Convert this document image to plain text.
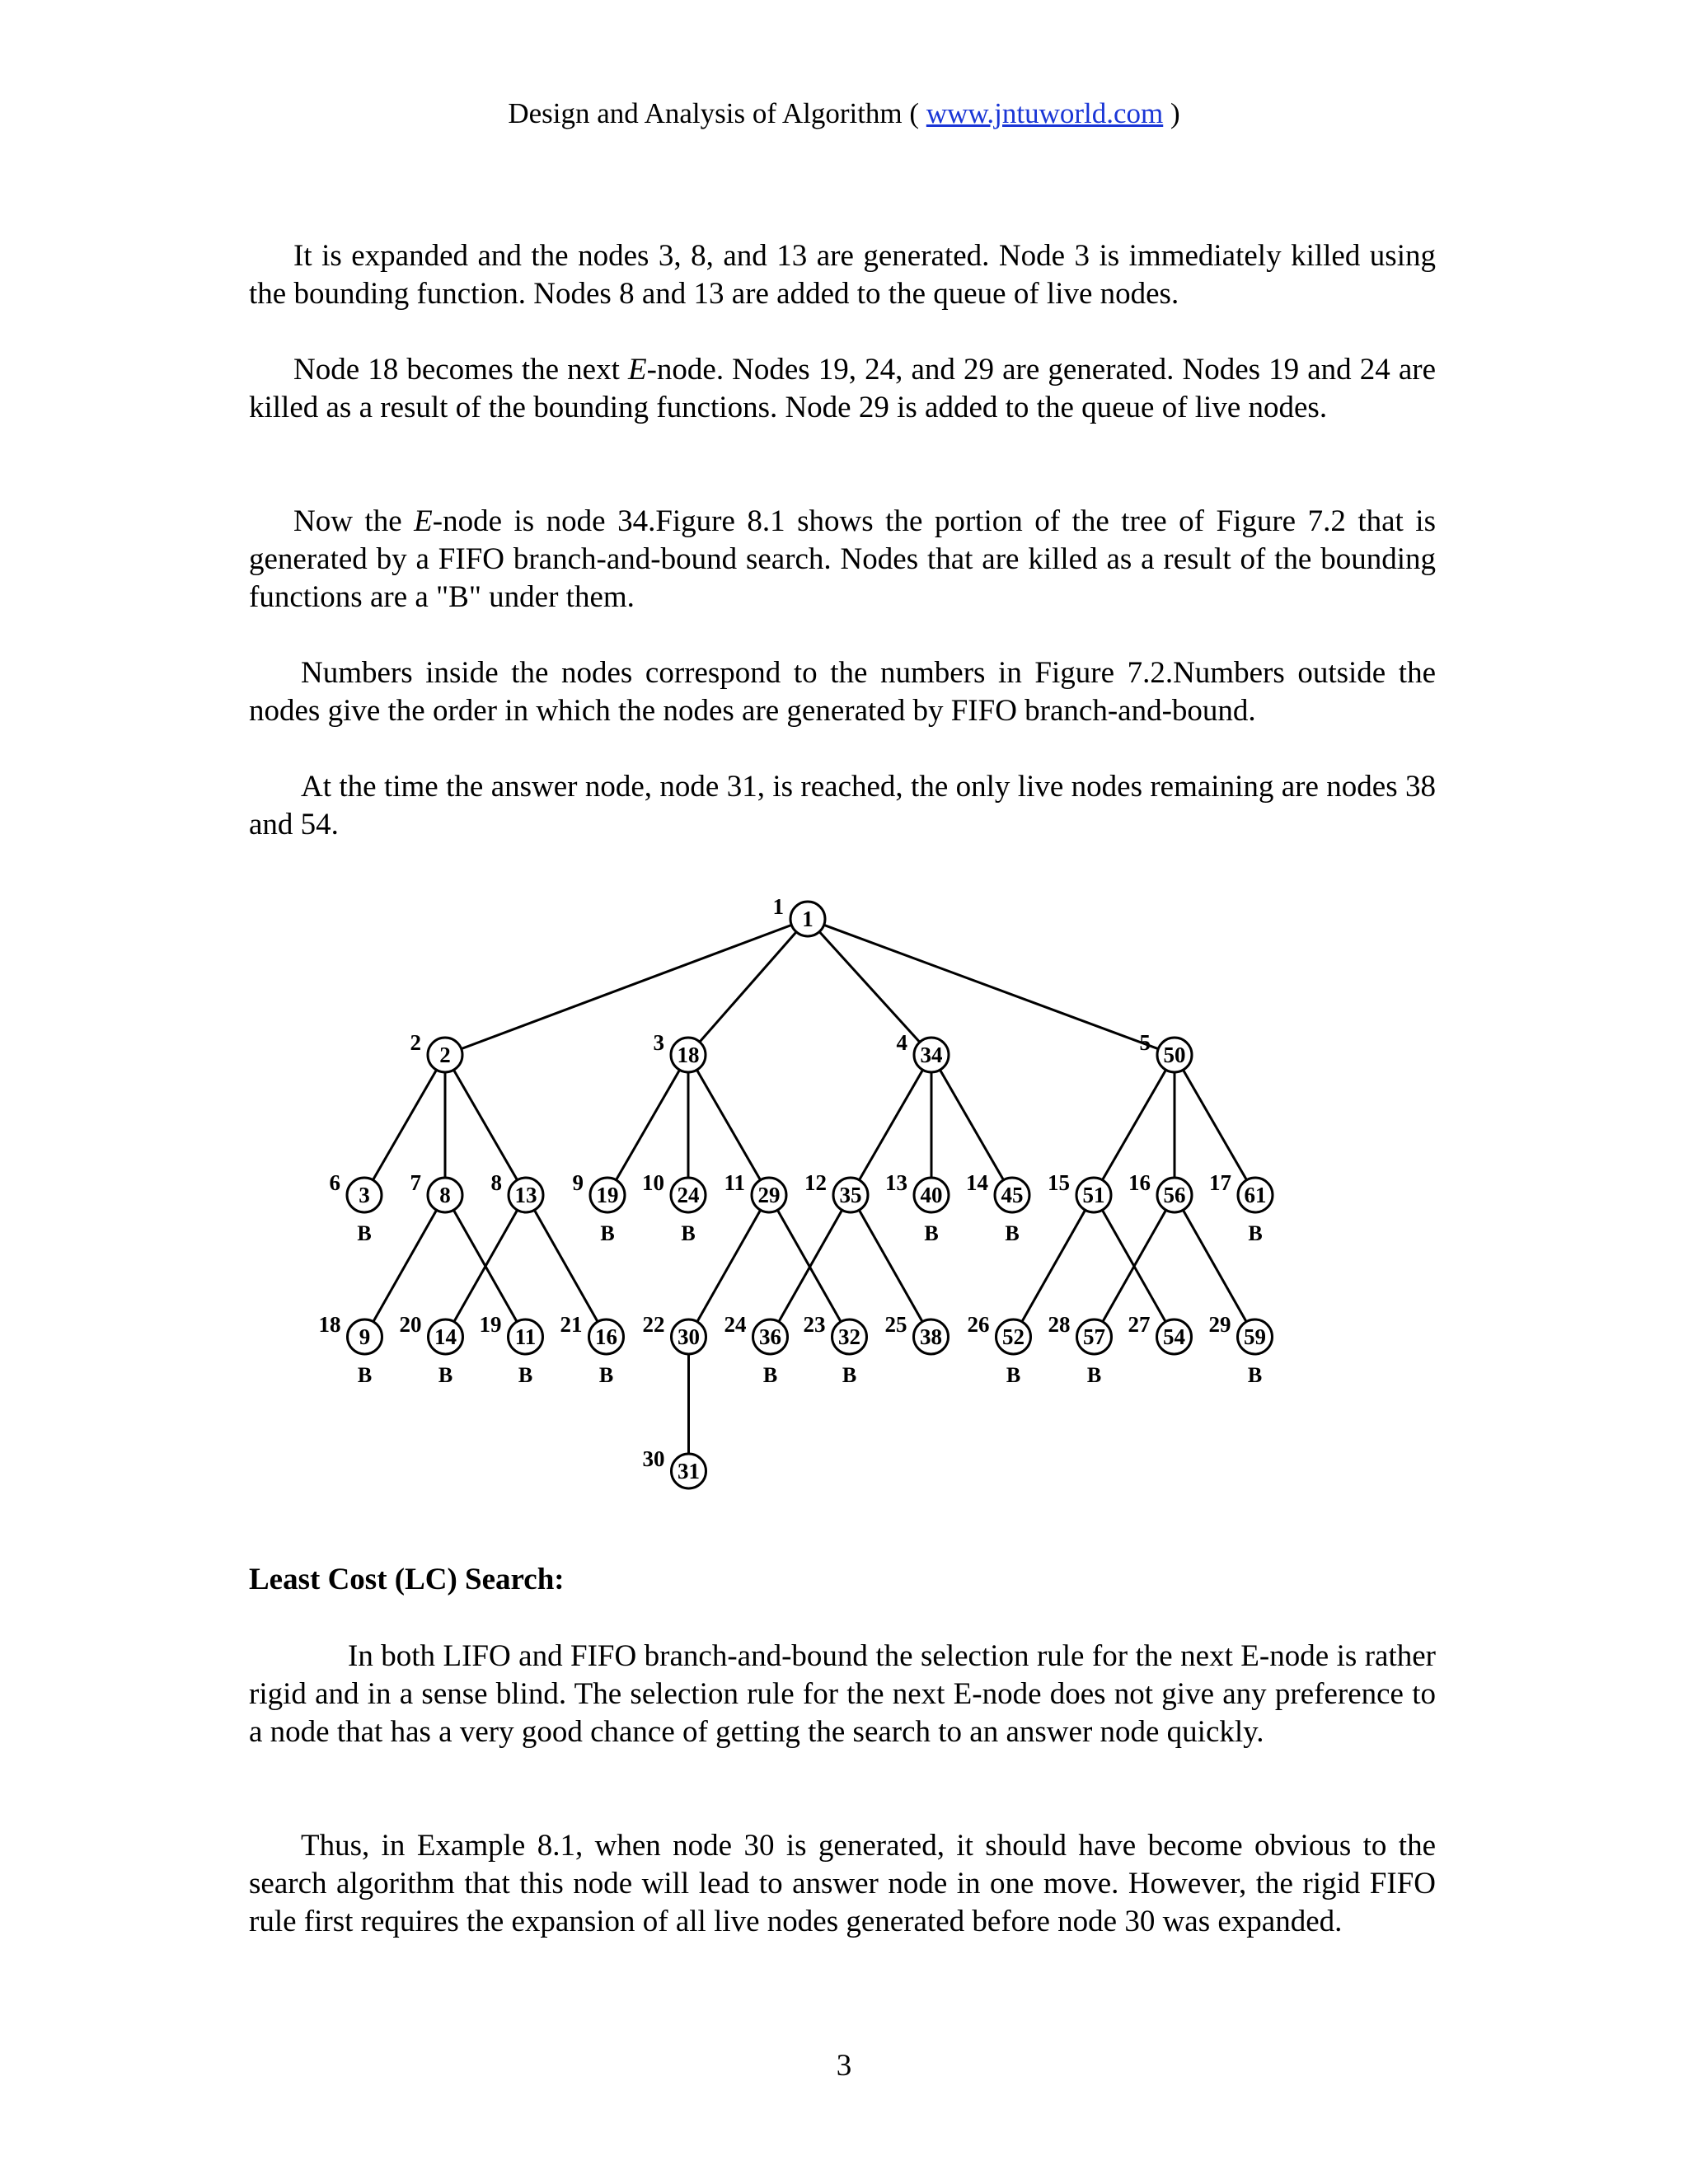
Design and Analysis of Algorithm ( www.jntuworld.com )

It is expanded and the nodes 3, 8, and 13 are generated. Node 3 is immediately killed using the bounding function. Nodes 8 and 13 are added to the queue of live nodes.

Node 18 becomes the next E-node. Nodes 19, 24, and 29 are generated. Nodes 19 and 24 are killed as a result of the bounding functions. Node 29 is added to the queue of live nodes.

Now the E-node is node 34.Figure 8.1 shows the portion of the tree of Figure 7.2 that is generated by a FIFO branch-and-bound search. Nodes that are killed as a result of the bounding functions are a "B" under them.

Numbers inside the nodes correspond to the numbers in Figure 7.2.Numbers outside the nodes give the order in which the nodes are generated by FIFO branch-and-bound.

At the time the answer node, node 31, is reached, the only live nodes remaining are nodes 38 and 54.

1
1
2
2	18
3	34
4	50
5
3
6
B
8
7	13
8	19
9
B
24
10
B
29
11	35
12	40
13
B
45
14
B
51
15	56
16	61
17
B
9
18
B
11
19
B
14
20
B
16
21
B
30
22	32
23
B
36
24
B
38
25	52
26
B
54
27
57
28
B
59
29
B
31
30

Least Cost (LC) Search:

In both LIFO and FIFO branch-and-bound the selection rule for the next E-node is rather rigid and in a sense blind. The selection rule for the next E-node does not give any preference to a node that has a very good chance of getting the search to an answer node quickly.

Thus, in Example 8.1, when node 30 is generated, it should have become obvious to the search algorithm that this node will lead to answer node in one move. However, the rigid FIFO rule first requires the expansion of all live nodes generated before node 30 was expanded.

3
